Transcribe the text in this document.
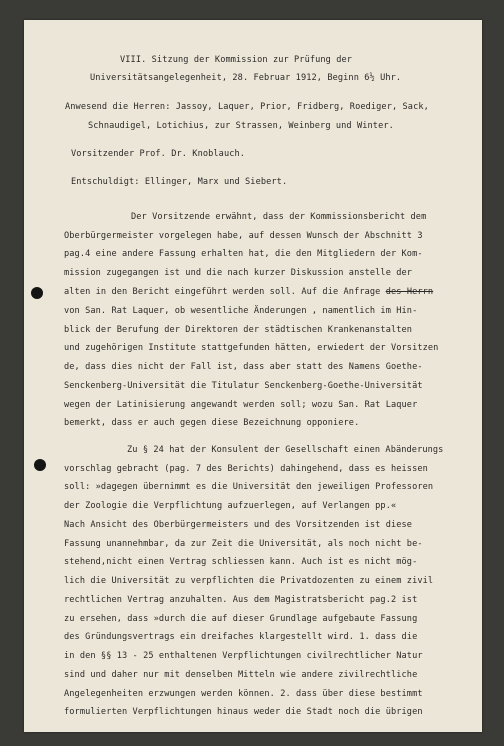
VIII. Sitzung der Kommission zur Prüfung der
Universitätsangelegenheit, 28. Februar 1912, Beginn 6½ Uhr.
Anwesend die Herren: Jassoy, Laquer, Prior, Fridberg, Roediger, Sack,
Schnaudigel, Lotichius, zur Strassen, Weinberg und Winter.
Vorsitzender Prof. Dr. Knoblauch.
Entschuldigt: Ellinger, Marx und Siebert.
Der Vorsitzende erwähnt, dass der Kommissionsbericht dem
Oberbürgermeister vorgelegen habe, auf dessen Wunsch der Abschnitt 3
pag.4 eine andere Fassung erhalten hat, die den Mitgliedern der Kom-
mission zugegangen ist und die nach kurzer Diskussion anstelle der
alten in den Bericht eingeführt werden soll. Auf die Anfrage des Herrn
von San. Rat Laquer, ob wesentliche Änderungen , namentlich im Hin-
blick der Berufung der Direktoren der städtischen Krankenanstalten
und zugehörigen Institute stattgefunden hätten, erwiedert der Vorsitzen
de, dass dies nicht der Fall ist, dass aber statt des Namens Goethe-
Senckenberg-Universität die Titulatur Senckenberg-Goethe-Universität
wegen der Latinisierung angewandt werden soll; wozu San. Rat Laquer
bemerkt, dass er auch gegen diese Bezeichnung opponiere.
Zu § 24 hat der Konsulent der Gesellschaft einen Abänderungs
vorschlag gebracht (pag. 7 des Berichts) dahingehend, dass es heissen
soll: »dagegen übernimmt es die Universität den jeweiligen Professoren
der Zoologie die Verpflichtung aufzuerlegen, auf Verlangen pp.«
Nach Ansicht des Oberbürgermeisters und des Vorsitzenden ist diese
Fassung unannehmbar, da zur Zeit die Universität, als noch nicht be-
stehend,nicht einen Vertrag schliessen kann. Auch ist es nicht mög-
lich die Universität zu verpflichten die Privatdozenten zu einem zivil
rechtlichen Vertrag anzuhalten. Aus dem Magistratsbericht pag.2 ist
zu ersehen, dass »durch die auf dieser Grundlage aufgebaute Fassung
des Gründungsvertrags ein dreifaches klargestellt wird. 1. dass die
in den §§ 13 - 25 enthaltenen Verpflichtungen civilrechtlicher Natur
sind und daher nur mit denselben Mitteln wie andere zivilrechtliche
Angelegenheiten erzwungen werden können. 2. dass über diese bestimmt
formulierten Verpflichtungen hinaus weder die Stadt noch die übrigen
